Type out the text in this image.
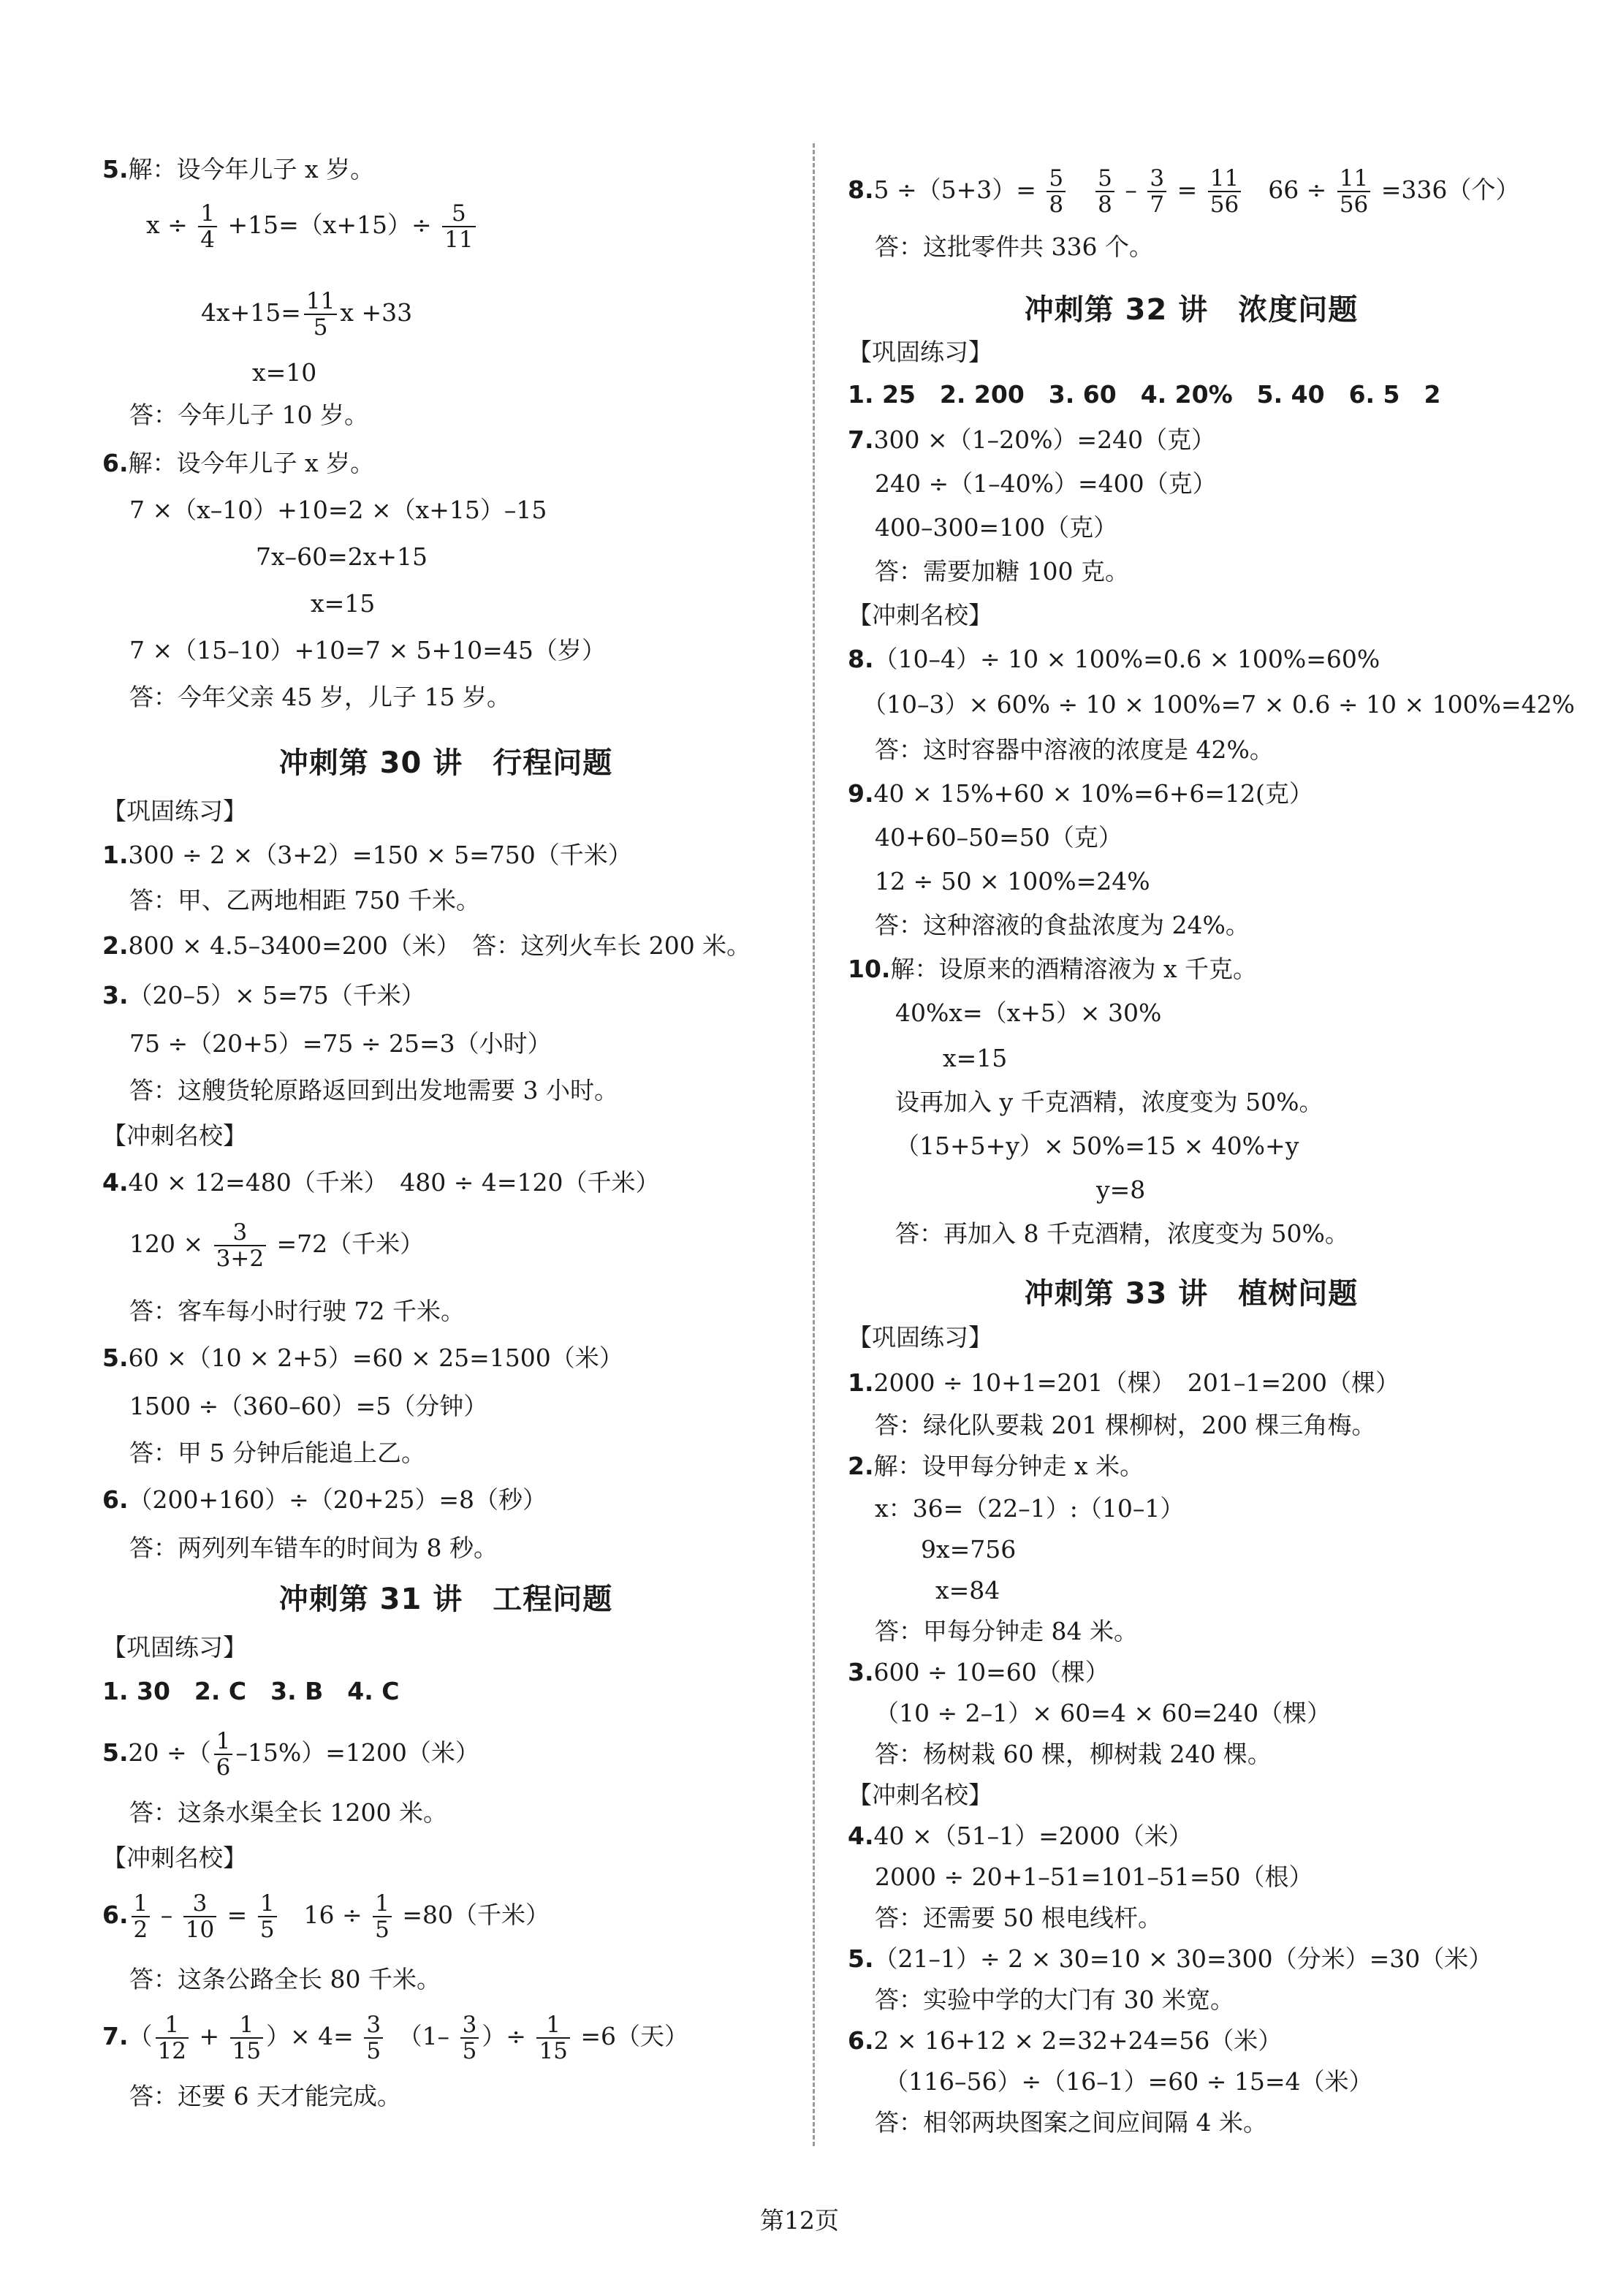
5.解：设今年儿子 x 岁。
$x \div \frac{1}{4} +15=(x+15)\div \frac{5}{11}$
$4x+15= \frac{11}{5}$ x +33
x=10
答：今年儿子 10 岁。
6.解：设今年儿子 x 岁。
7 ×（x–10）+10=2 ×（x+15）–15
7x–60=2x+15
x=15
7 ×（15–10）+10=7 × 5+10=45（岁）
答：今年父亲 45 岁，儿子 15 岁。
冲刺第 30 讲　行程问题
【巩固练习】
1.300 ÷ 2 ×（3+2）=150 × 5=750（千米）
答：甲、乙两地相距 750 千米。
2.800 × 4.5–3400=200（米）　答：这列火车长 200 米。
3.（20–5）× 5=75（千米）
75 ÷（20+5）=75 ÷ 25=3（小时）
答：这艘货轮原路返回到出发地需要 3 小时。
【冲刺名校】
4.40 × 12=480（千米）　480 ÷ 4=120（千米）
$120 \times \frac{3}{3+2} =72$（千米）
答：客车每小时行驶 72 千米。
5.60 ×（10 × 2+5）=60 × 25=1500（米）
1500 ÷（360–60）=5（分钟）
答：甲 5 分钟后能追上乙。
6.（200+160）÷（20+25）=8（秒）
答：两列列车错车的时间为 8 秒。
冲刺第 31 讲　工程问题
【巩固练习】
1. 30　2. C　3. B　4. C
5.20 ÷（ $\frac{1}{6} -15\%)=1200$（米）
答：这条水渠全长 1200 米。
【冲刺名校】
6. $\frac{1}{2} - \frac{3}{10} = \frac{1}{5}$ 　$16 \div \frac{1}{5} =80$（千米）
答：这条公路全长 80 千米。
$7.( \frac{1}{12} + \frac{1}{15}$ ）× $4= \frac{3}{5}$ 　（$1- \frac{3}{5}$ ）÷ $\frac{1}{15} =6$（天）
答：还要 6 天才能完成。
$8.5 \div(5+3)= \frac{5}{8}$
　 $\frac{5}{8} - \frac{3}{7} = \frac{11}{56}$ 　$66 \div \frac{11}{56} =336$（个）
答：这批零件共 336 个。
冲刺第 32 讲　浓度问题
【巩固练习】
1. 25　2. 200　3. 60　4. 20%　5. 40　6. 5　2
7.300 ×（1–20%）=240（克）
240 ÷（1–40%）=400（克）
400–300=100（克）
答：需要加糖 100 克。
【冲刺名校】
8.（10–4）÷ 10 × 100%=0.6 × 100%=60%
（10–3）× 60% ÷ 10 × 100%=7 × 0.6 ÷ 10 × 100%=42%
答：这时容器中溶液的浓度是 42%。
9.40 × 15%+60 × 10%=6+6=12(克）
40+60–50=50（克）
12 ÷ 50 × 100%=24%
答：这种溶液的食盐浓度为 24%。
10.解：设原来的酒精溶液为 x 千克。
40%x=（x+5）× 30%
x=15
设再加入 y 千克酒精，浓度变为 50%。
（15+5+y）× 50%=15 × 40%+y
y=8
答：再加入 8 千克酒精，浓度变为 50%。
冲刺第 33 讲　植树问题
【巩固练习】
1.2000 ÷ 10+1=201（棵）　201–1=200（棵）
答：绿化队要栽 201 棵柳树，200 棵三角梅。
2.解：设甲每分钟走 x 米。
x：36=（22–1）:（10–1）
9x=756
x=84
答：甲每分钟走 84 米。
3.600 ÷ 10=60（棵）
（10 ÷ 2–1）× 60=4 × 60=240（棵）
答：杨树栽 60 棵，柳树栽 240 棵。
【冲刺名校】
4.40 ×（51–1）=2000（米）
2000 ÷ 20+1–51=101–51=50（根）
答：还需要 50 根电线杆。
5.（21–1）÷ 2 × 30=10 × 30=300（分米）=30（米）
答：实验中学的大门有 30 米宽。
6.2 × 16+12 × 2=32+24=56（米）
（116–56）÷（16–1）=60 ÷ 15=4（米）
答：相邻两块图案之间应间隔 4 米。
第12页
